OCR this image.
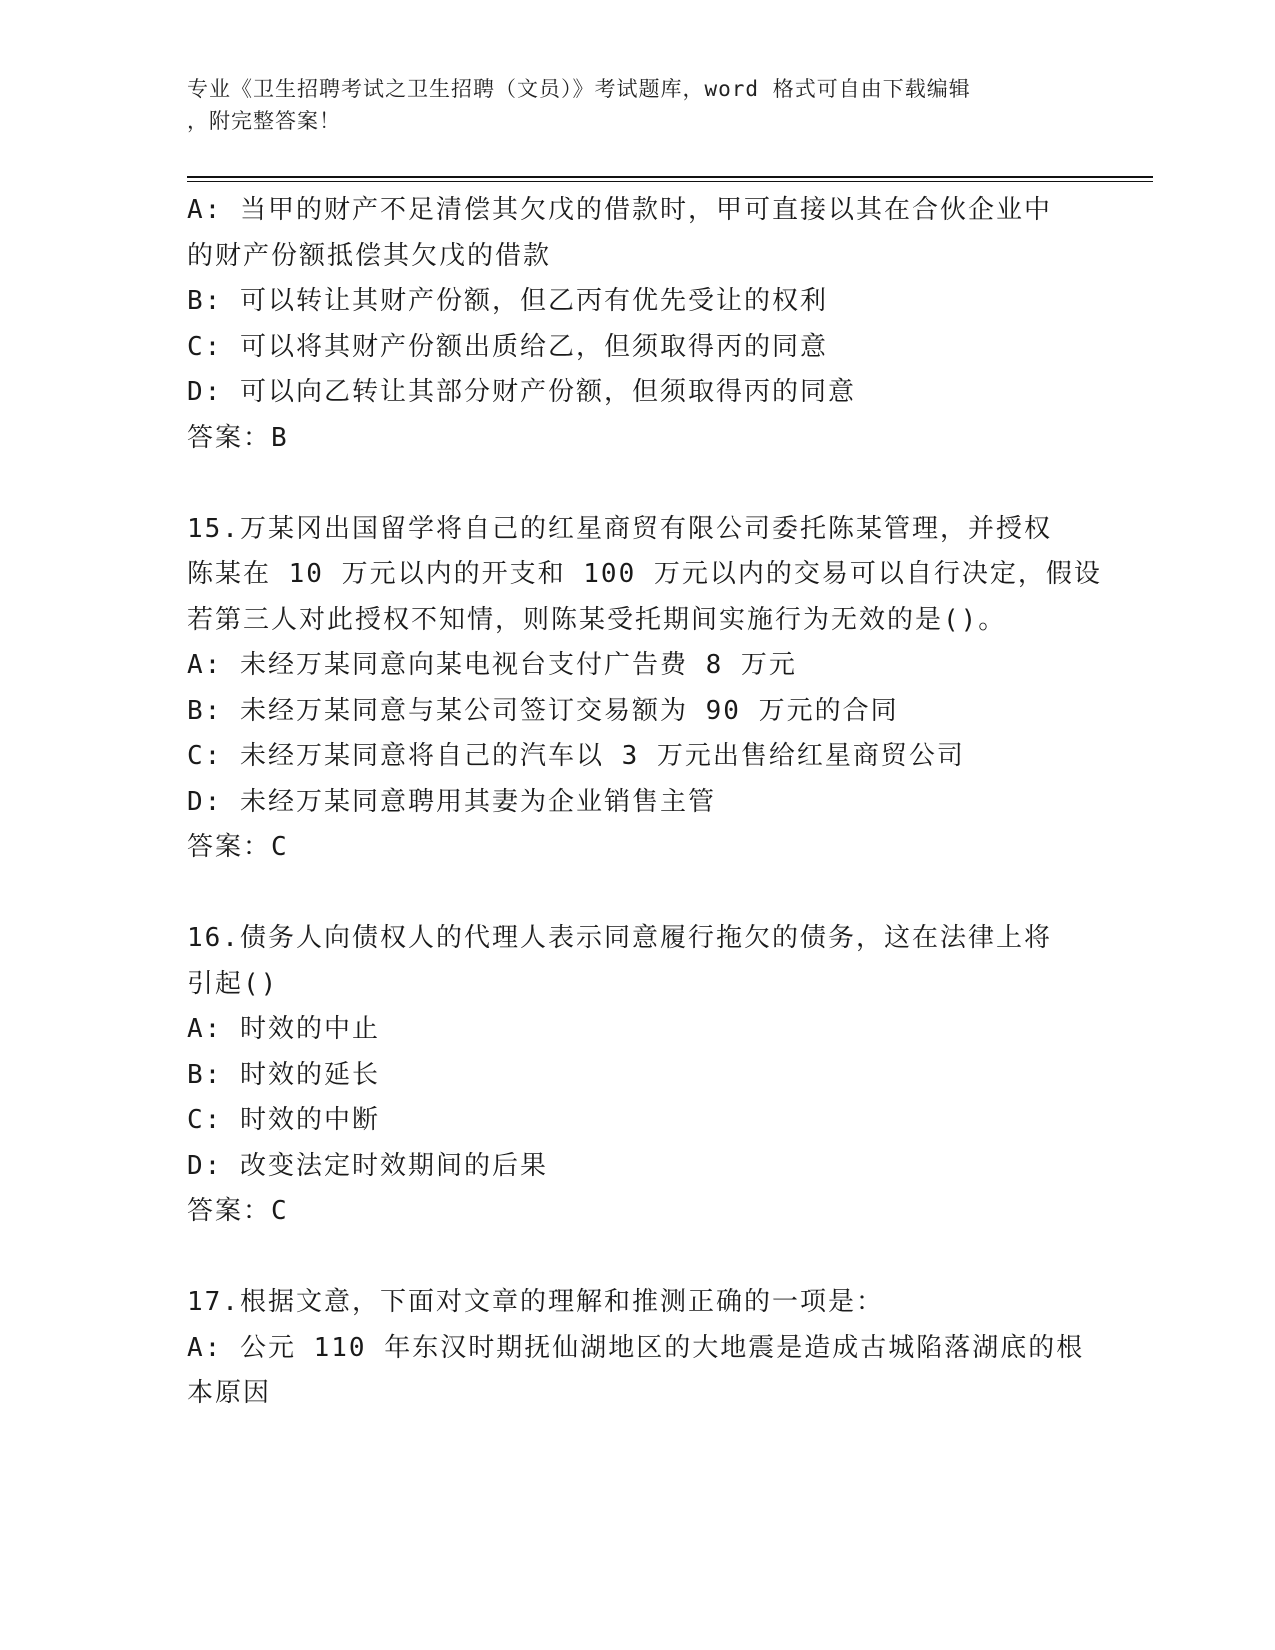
专业《卫生招聘考试之卫生招聘（文员）》考试题库，word 格式可自由下载编辑
，附完整答案！
A: 当甲的财产不足清偿其欠戊的借款时，甲可直接以其在合伙企业中
的财产份额抵偿其欠戊的借款
B: 可以转让其财产份额，但乙丙有优先受让的权利
C: 可以将其财产份额出质给乙，但须取得丙的同意
D: 可以向乙转让其部分财产份额，但须取得丙的同意
答案：B
15.万某冈出国留学将自己的红星商贸有限公司委托陈某管理，并授权
陈某在 10 万元以内的开支和 100 万元以内的交易可以自行决定，假设
若第三人对此授权不知情，则陈某受托期间实施行为无效的是()。
A: 未经万某同意向某电视台支付广告费 8 万元
B: 未经万某同意与某公司签订交易额为 90 万元的合同
C: 未经万某同意将自己的汽车以 3 万元出售给红星商贸公司
D: 未经万某同意聘用其妻为企业销售主管
答案：C
16.债务人向债权人的代理人表示同意履行拖欠的债务，这在法律上将
引起()
A: 时效的中止
B: 时效的延长
C: 时效的中断
D: 改变法定时效期间的后果
答案：C
17.根据文意，下面对文章的理解和推测正确的一项是：
A: 公元 110 年东汉时期抚仙湖地区的大地震是造成古城陷落湖底的根
本原因
